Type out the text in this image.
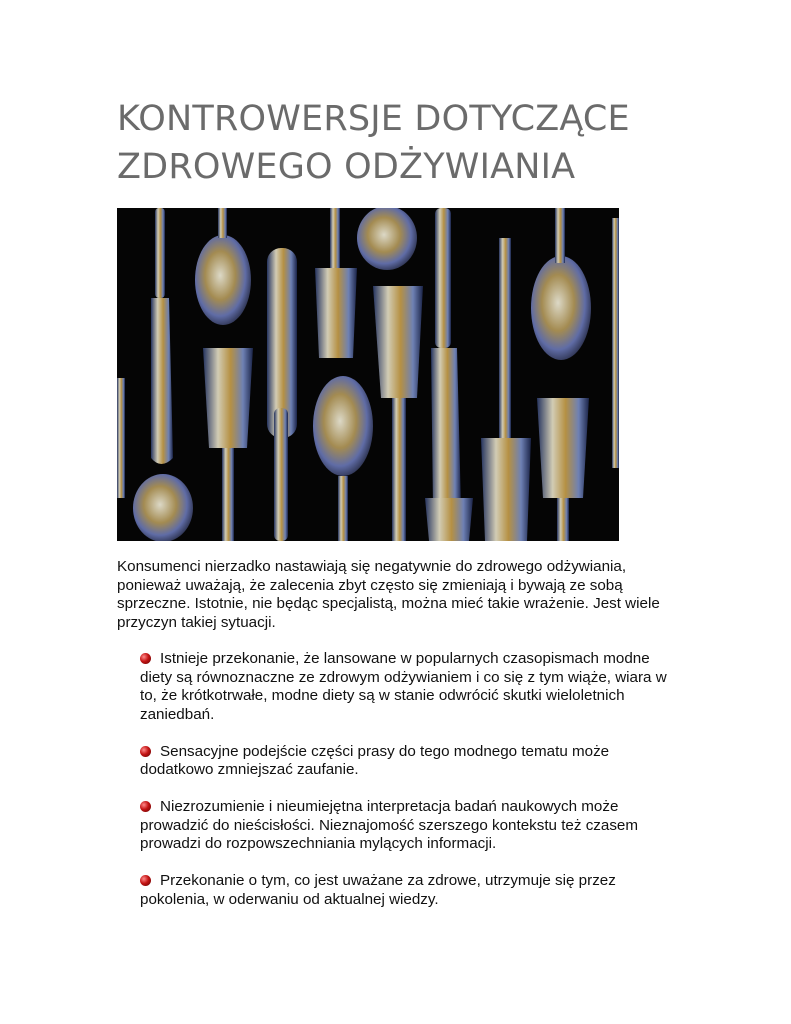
KONTROWERSJE DOTYCZĄCE
ZDROWEGO ODŻYWIANIA

Konsumenci nierzadko nastawiają się negatywnie do zdrowego odżywiania, ponieważ uważają, że zalecenia zbyt często się zmieniają i bywają ze sobą sprzeczne. Istotnie, nie będąc specjalistą, można mieć takie wrażenie. Jest wiele przyczyn takiej sytuacji.

Istnieje przekonanie, że lansowane w popularnych czasopismach modne diety są równoznaczne ze zdrowym odżywianiem i co się z tym wiąże, wiara w to, że krótkotrwałe, modne diety są w stanie odwrócić skutki wieloletnich zaniedbań.
Sensacyjne podejście części prasy do tego modnego tematu może dodatkowo zmniejszać zaufanie.
Niezrozumienie i nieumiejętna interpretacja badań naukowych może prowadzić do nieścisłości. Nieznajomość szerszego kontekstu też czasem prowadzi do rozpowszechniania mylących informacji.
Przekonanie o tym, co jest uważane za zdrowe, utrzymuje się przez pokolenia, w oderwaniu od aktualnej wiedzy.
